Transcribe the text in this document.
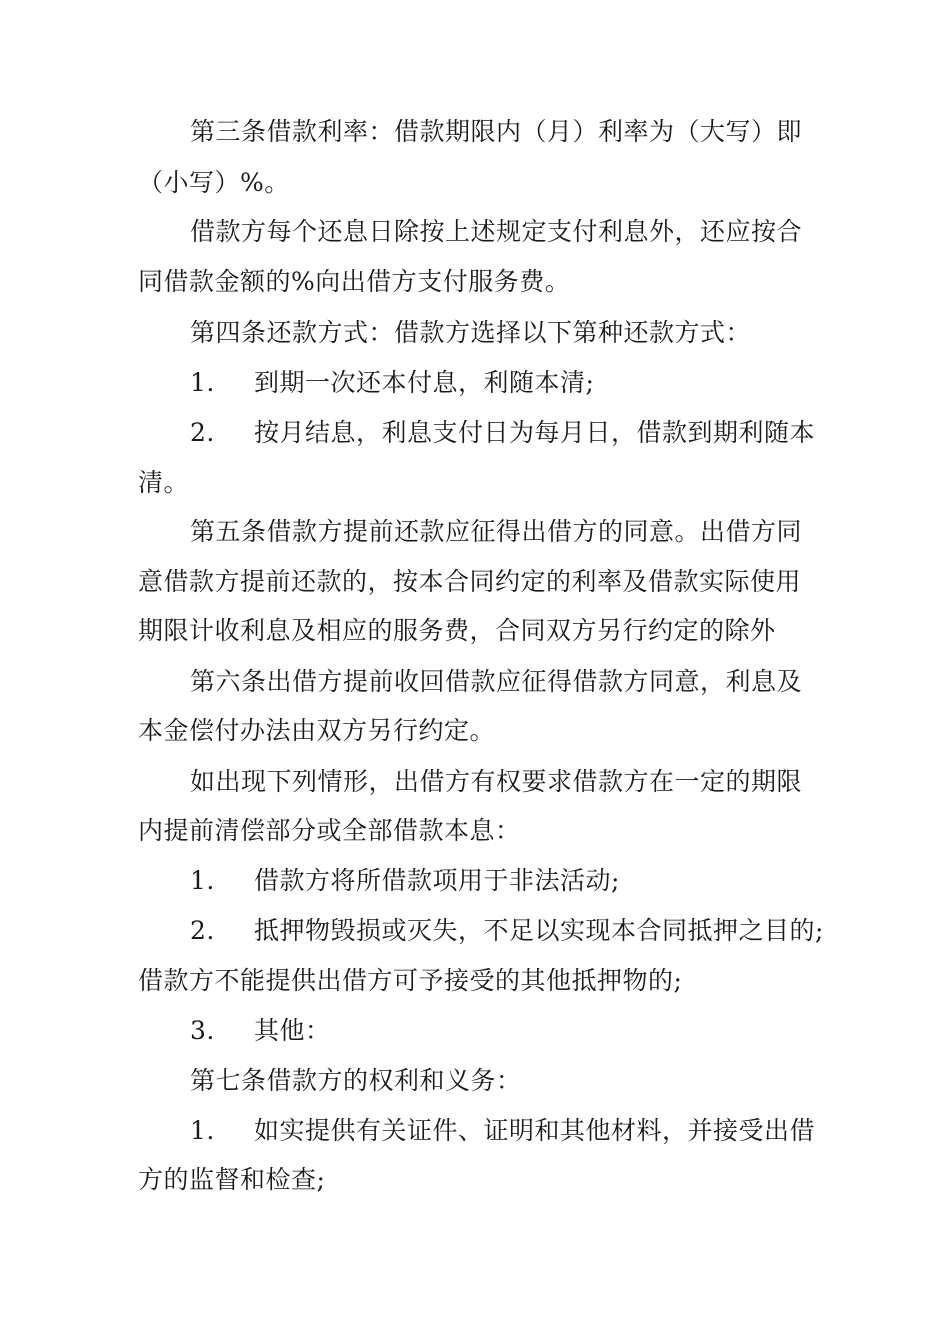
第三条借款利率：借款期限内（月）利率为（大写）即
（小写）%。
借款方每个还息日除按上述规定支付利息外，还应按合
同借款金额的%向出借方支付服务费。
第四条还款方式：借款方选择以下第种还款方式：
1. 到期一次还本付息，利随本清;
2. 按月结息，利息支付日为每月日，借款到期利随本
清。
第五条借款方提前还款应征得出借方的同意。出借方同
意借款方提前还款的，按本合同约定的利率及借款实际使用
期限计收利息及相应的服务费，合同双方另行约定的除外
第六条出借方提前收回借款应征得借款方同意，利息及
本金偿付办法由双方另行约定。
如出现下列情形，出借方有权要求借款方在一定的期限
内提前清偿部分或全部借款本息：
1. 借款方将所借款项用于非法活动;
2. 抵押物毁损或灭失，不足以实现本合同抵押之目的;
借款方不能提供出借方可予接受的其他抵押物的;
3. 其他：
第七条借款方的权利和义务：
1. 如实提供有关证件、证明和其他材料，并接受出借
方的监督和检查;
